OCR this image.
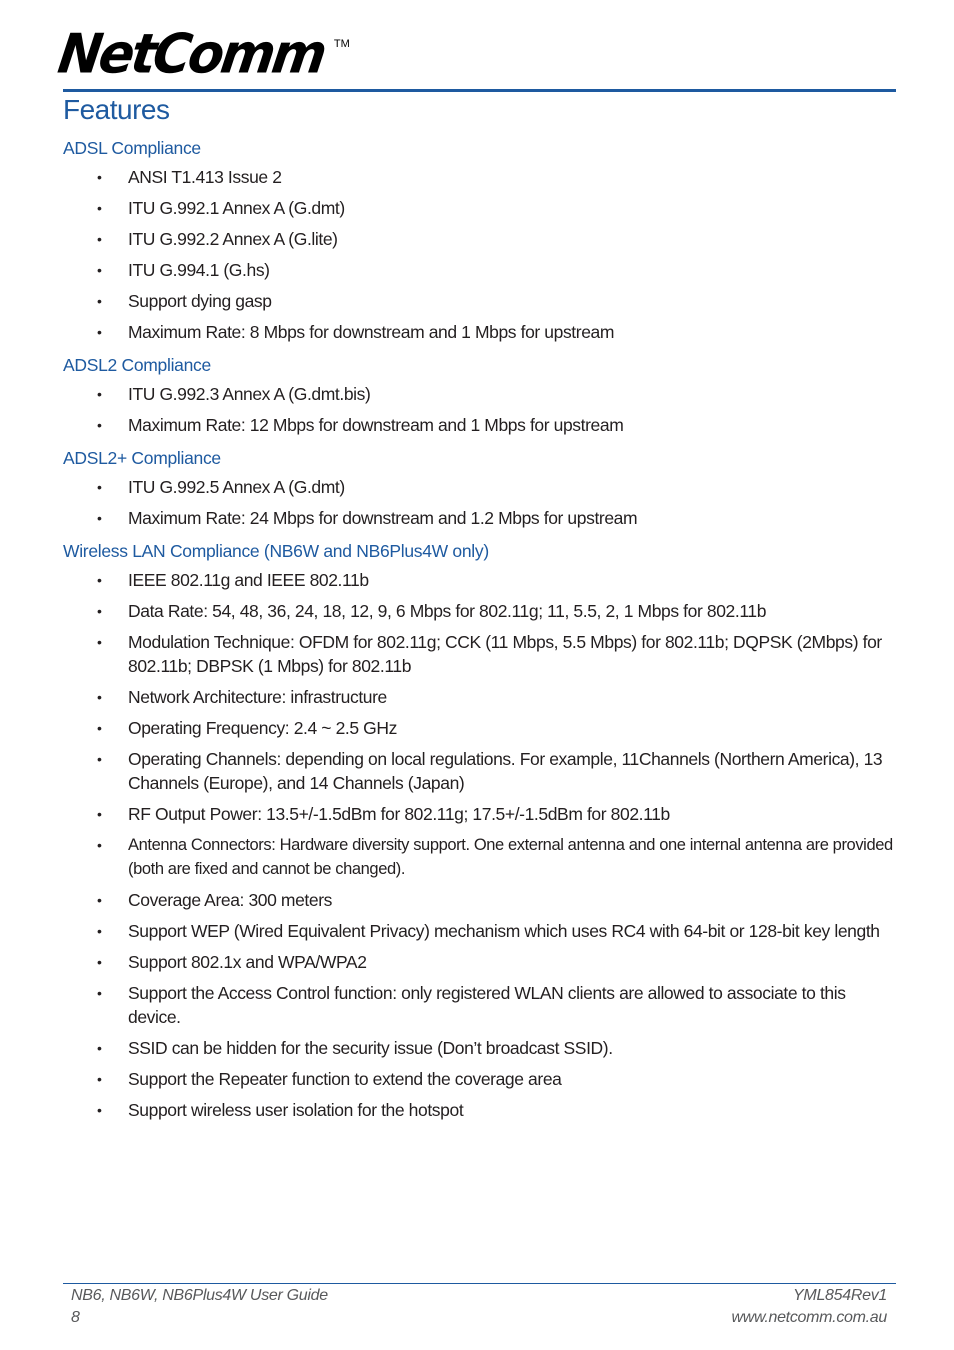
NetComm TM
Features
ADSL Compliance
• ANSI T1.413 Issue 2
• ITU G.992.1 Annex A (G.dmt)
• ITU G.992.2 Annex A (G.lite)
• ITU G.994.1 (G.hs)
• Support dying gasp
• Maximum Rate: 8 Mbps for downstream and 1 Mbps for upstream
ADSL2 Compliance
• ITU G.992.3 Annex A (G.dmt.bis)
• Maximum Rate: 12 Mbps for downstream and 1 Mbps for upstream
ADSL2+ Compliance
• ITU G.992.5 Annex A (G.dmt)
• Maximum Rate: 24 Mbps for downstream and 1.2 Mbps for upstream
Wireless LAN Compliance (NB6W and NB6Plus4W only)
• IEEE 802.11g and IEEE 802.11b
• Data Rate: 54, 48, 36, 24, 18, 12, 9, 6 Mbps for 802.11g; 11, 5.5, 2, 1 Mbps for 802.11b
• Modulation Technique: OFDM for 802.11g; CCK (11 Mbps, 5.5 Mbps) for 802.11b; DQPSK (2Mbps) for 802.11b; DBPSK (1 Mbps) for 802.11b
• Network Architecture: infrastructure
• Operating Frequency: 2.4 ~ 2.5 GHz
• Operating Channels: depending on local regulations. For example, 11Channels (Northern America), 13 Channels (Europe), and 14 Channels (Japan)
• RF Output Power: 13.5+/-1.5dBm for 802.11g; 17.5+/-1.5dBm for 802.11b
• Antenna Connectors: Hardware diversity support. One external antenna and one internal antenna are provided (both are fixed and cannot be changed).
• Coverage Area: 300 meters
• Support WEP (Wired Equivalent Privacy) mechanism which uses RC4 with 64-bit or 128-bit key length
• Support 802.1x and WPA/WPA2
• Support the Access Control function: only registered WLAN clients are allowed to associate to this device.
• SSID can be hidden for the security issue (Don’t broadcast SSID).
• Support the Repeater function to extend the coverage area
• Support wireless user isolation for the hotspot
NB6, NB6W, NB6Plus4W User Guide
8
YML854Rev1
www.netcomm.com.au
